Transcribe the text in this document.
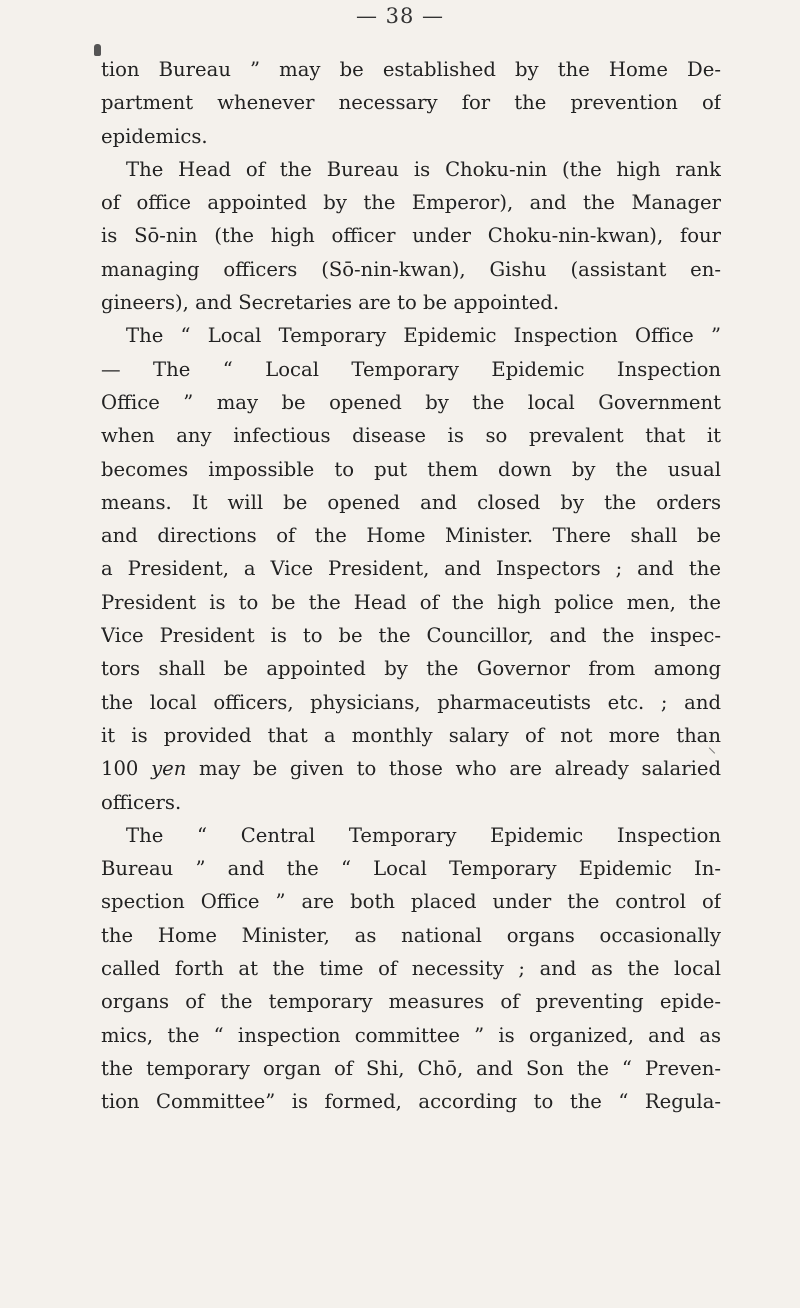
— 38 —
tion Bureau ” may be established by the Home De-
partment whenever necessary for the prevention of
epidemics.
The Head of the Bureau is Choku-nin (the high rank
of office appointed by the Emperor), and the Manager
is Sō-nin (the high officer under Choku-nin-kwan), four
managing officers (Sō-nin-kwan), Gishu (assistant en-
gineers), and Secretaries are to be appointed.
The “ Local Temporary Epidemic Inspection Office ”
— The “ Local Temporary Epidemic Inspection
Office ” may be opened by the local Government
when any infectious disease is so prevalent that it
becomes impossible to put them down by the usual
means. It will be opened and closed by the orders
and directions of the Home Minister. There shall be
a President, a Vice President, and Inspectors ; and the
President is to be the Head of the high police men, the
Vice President is to be the Councillor, and the inspec-
tors shall be appointed by the Governor from among
the local officers, physicians, pharmaceutists etc. ; and
it is provided that a monthly salary of not more than
100 yen may be given to those who are already salaried
officers.
The “ Central Temporary Epidemic Inspection
Bureau ” and the “ Local Temporary Epidemic In-
spection Office ” are both placed under the control of
the Home Minister, as national organs occasionally
called forth at the time of necessity ; and as the local
organs of the temporary measures of preventing epide-
mics, the “ inspection committee ” is organized, and as
the temporary organ of Shi, Chō, and Son the “ Preven-
tion Committee” is formed, according to the “ Regula-
